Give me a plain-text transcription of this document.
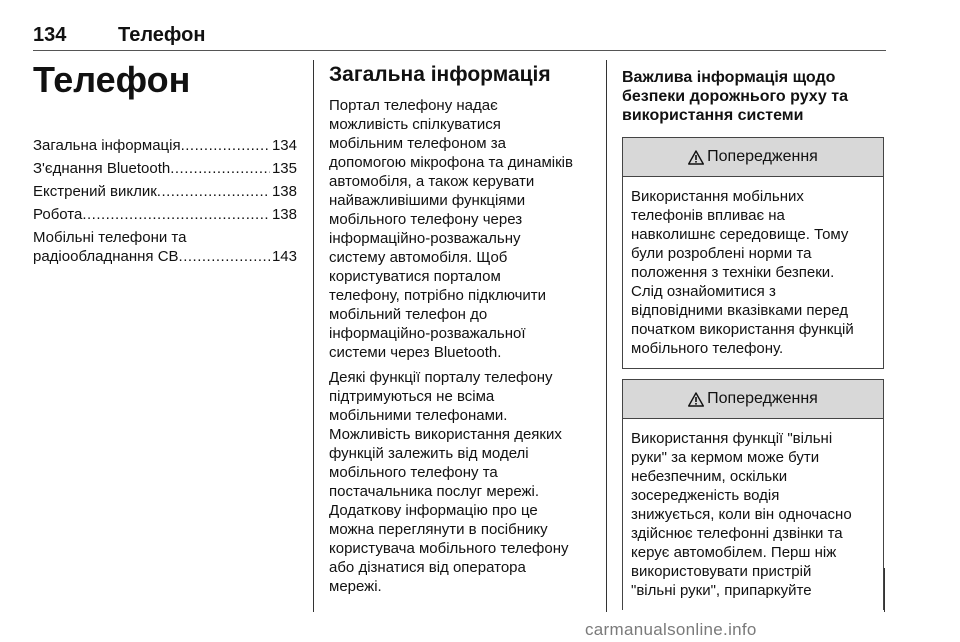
134	Телефон
Телефон
Загальна інформація .....	134
З'єднання Bluetooth .....	135
Екстрений виклик .....	138
Робота .....	138
Мобільні телефони та
радіообладнання CB .....	143
Загальна інформація
Портал телефону надає
можливість спілкуватися
мобільним телефоном за
допомогою мікрофона та динаміків
автомобіля, а також керувати
найважливішими функціями
мобільного телефону через
інформаційно-розважальну
систему автомобіля. Щоб
користуватися порталом
телефону, потрібно підключити
мобільний телефон до
інформаційно-розважальної
системи через Bluetooth.
Деякі функції порталу телефону
підтримуються не всіма
мобільними телефонами.
Можливість використання деяких
функцій залежить від моделі
мобільного телефону та
постачальника послуг мережі.
Додаткову інформацію про це
можна переглянути в посібнику
користувача мобільного телефону
або дізнатися від оператора
мережі.
Важлива інформація щодо
безпеки дорожнього руху та
використання системи
Попередження
Використання мобільних
телефонів впливає на
навколишнє середовище. Тому
були розроблені норми та
положення з техніки безпеки.
Слід ознайомитися з
відповідними вказівками перед
початком використання функцій
мобільного телефону.
Попередження
Використання функції "вільні
руки" за кермом може бути
небезпечним, оскільки
зосередженість водія
знижується, коли він одночасно
здійснює телефонні дзвінки та
керує автомобілем. Перш ніж
використовувати пристрій
"вільні руки", припаркуйте
carmanualsonline.info
